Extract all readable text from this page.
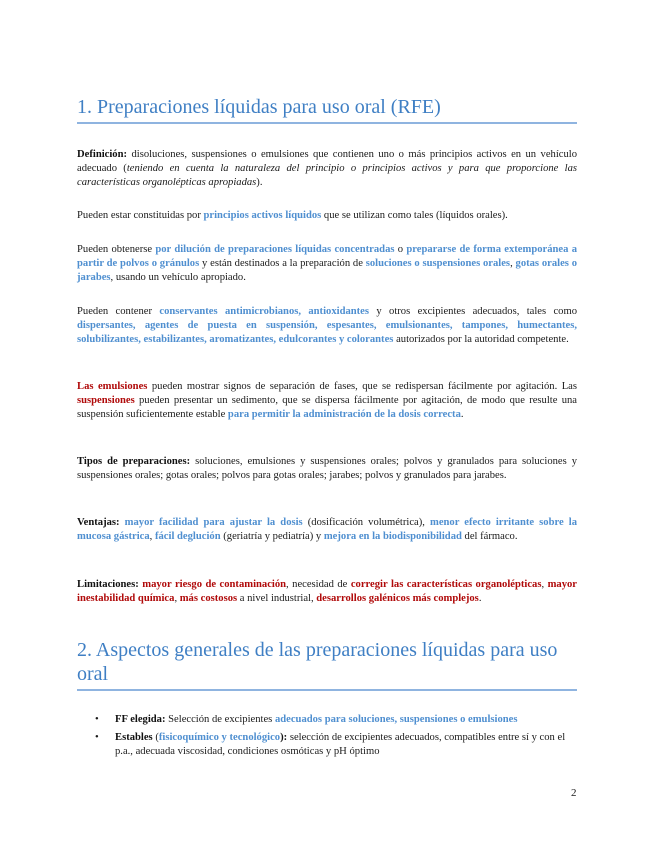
1. Preparaciones líquidas para uso oral (RFE)

Definición: disoluciones, suspensiones o emulsiones que contienen uno o más principios activos en un vehículo adecuado (teniendo en cuenta la naturaleza del principio o principios activos y para que proporcione las características organolépticas apropiadas).

Pueden estar constituidas por principios activos líquidos que se utilizan como tales (líquidos orales).

Pueden obtenerse por dilución de preparaciones líquidas concentradas o prepararse de forma extemporánea a partir de polvos o gránulos y están destinados a la preparación de soluciones o suspensiones orales, gotas orales o jarabes, usando un vehículo apropiado.

Pueden contener conservantes antimicrobianos, antioxidantes y otros excipientes adecuados, tales como dispersantes, agentes de puesta en suspensión, espesantes, emulsionantes, tampones, humectantes, solubilizantes, estabilizantes, aromatizantes, edulcorantes y colorantes autorizados por la autoridad competente.

Las emulsiones pueden mostrar signos de separación de fases, que se redispersan fácilmente por agitación. Las suspensiones pueden presentar un sedimento, que se dispersa fácilmente por agitación, de modo que resulte una suspensión suficientemente estable para permitir la administración de la dosis correcta.

Tipos de preparaciones: soluciones, emulsiones y suspensiones orales; polvos y granulados para soluciones y suspensiones orales; gotas orales; polvos para gotas orales; jarabes; polvos y granulados para jarabes.

Ventajas: mayor facilidad para ajustar la dosis (dosificación volumétrica), menor efecto irritante sobre la mucosa gástrica, fácil deglución (geriatría y pediatría) y mejora en la biodisponibilidad del fármaco.

Limitaciones: mayor riesgo de contaminación, necesidad de corregir las características organolépticas, mayor inestabilidad química, más costosos a nivel industrial, desarrollos galénicos más complejos.

2. Aspectos generales de las preparaciones líquidas para uso oral
• FF elegida: Selección de excipientes adecuados para soluciones, suspensiones o emulsiones
• Estables (fisicoquímico y tecnológico): selección de excipientes adecuados, compatibles entre sí y con el p.a., adecuada viscosidad, condiciones osmóticas y pH óptimo
2
